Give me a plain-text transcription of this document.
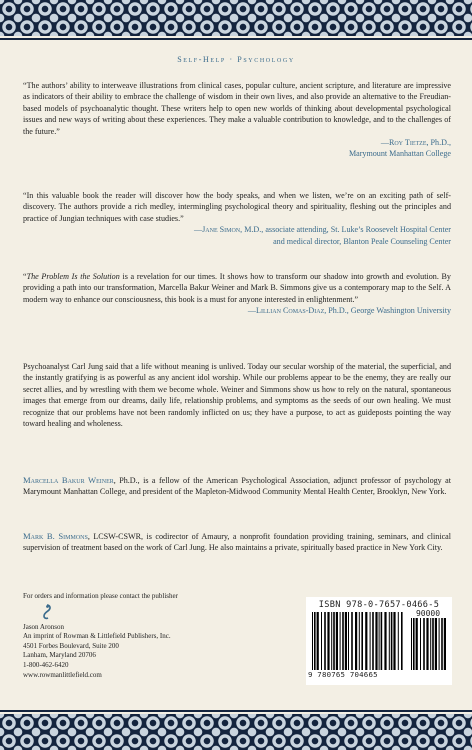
Self-Help · Psychology

“The authors’ ability to interweave illustrations from clinical cases, popular culture, ancient scripture, and literature are impressive as indicators of their ability to embrace the challenge of wisdom in their own lives, and also provide an alternative to the Freudian-based models of psychoanalytic thought. These writers help to open new worlds of thinking about developmental psychological issues and new ways of writing about these experiences. They make a valuable contribution to knowledge, and to the challenges of the future.”

—Roy Tietze, Ph.D.,
Marymount Manhattan College

“In this valuable book the reader will discover how the body speaks, and when we listen, we’re on an exciting path of self-discovery. The authors provide a rich medley, intermingling psychological theory and spirituality, fleshing out the principles and practice of Jungian techniques with case studies.”

—Jane Simon, M.D., associate attending, St. Luke’s Roosevelt Hospital Center
and medical director, Blanton Peale Counseling Center

“The Problem Is the Solution is a revelation for our times. It shows how to transform our shadow into growth and evolution. By providing a path into our transformation, Marcella Bakur Weiner and Mark B. Simmons give us a contemporary map to the Self. A modern way to enhance our consciousness, this book is a must for anyone interested in enlightenment.”

—Lillian Comas-Diaz, Ph.D., George Washington University

Psychoanalyst Carl Jung said that a life without meaning is unlived. Today our secular worship of the material, the superficial, and the instantly gratifying is as powerful as any ancient idol worship. While our problems appear to be the enemy, they are really our secret allies, and by wrestling with them we become whole. Weiner and Simmons show us how to rely on the natural, spontaneous images that emerge from our dreams, daily life, relationship problems, and symptoms as the seeds of our own healing. We must recognize that our problems have not been randomly inflicted on us; they have a purpose, to act as guideposts pointing the way toward healing and wholeness.

Marcella Bakur Weiner, Ph.D., is a fellow of the American Psychological Association, adjunct professor of psychology at Marymount Manhattan College, and president of the Mapleton-Midwood Community Mental Health Center, Brooklyn, New York.

Mark B. Simmons, LCSW-CSWR, is codirector of Amaury, a nonprofit foundation providing training, seminars, and clinical supervision of treatment based on the work of Carl Jung. He also maintains a private, spiritually based practice in New York City.

For orders and information please contact the publisher
Jason Aronson
An imprint of Rowman & Littlefield Publishers, Inc.
4501 Forbes Boulevard, Suite 200
Lanham, Maryland 20706
1-800-462-6420
www.rowmanlittlefield.com
ISBN 978-0-7657-0466-5
90000
9 780765 704665
